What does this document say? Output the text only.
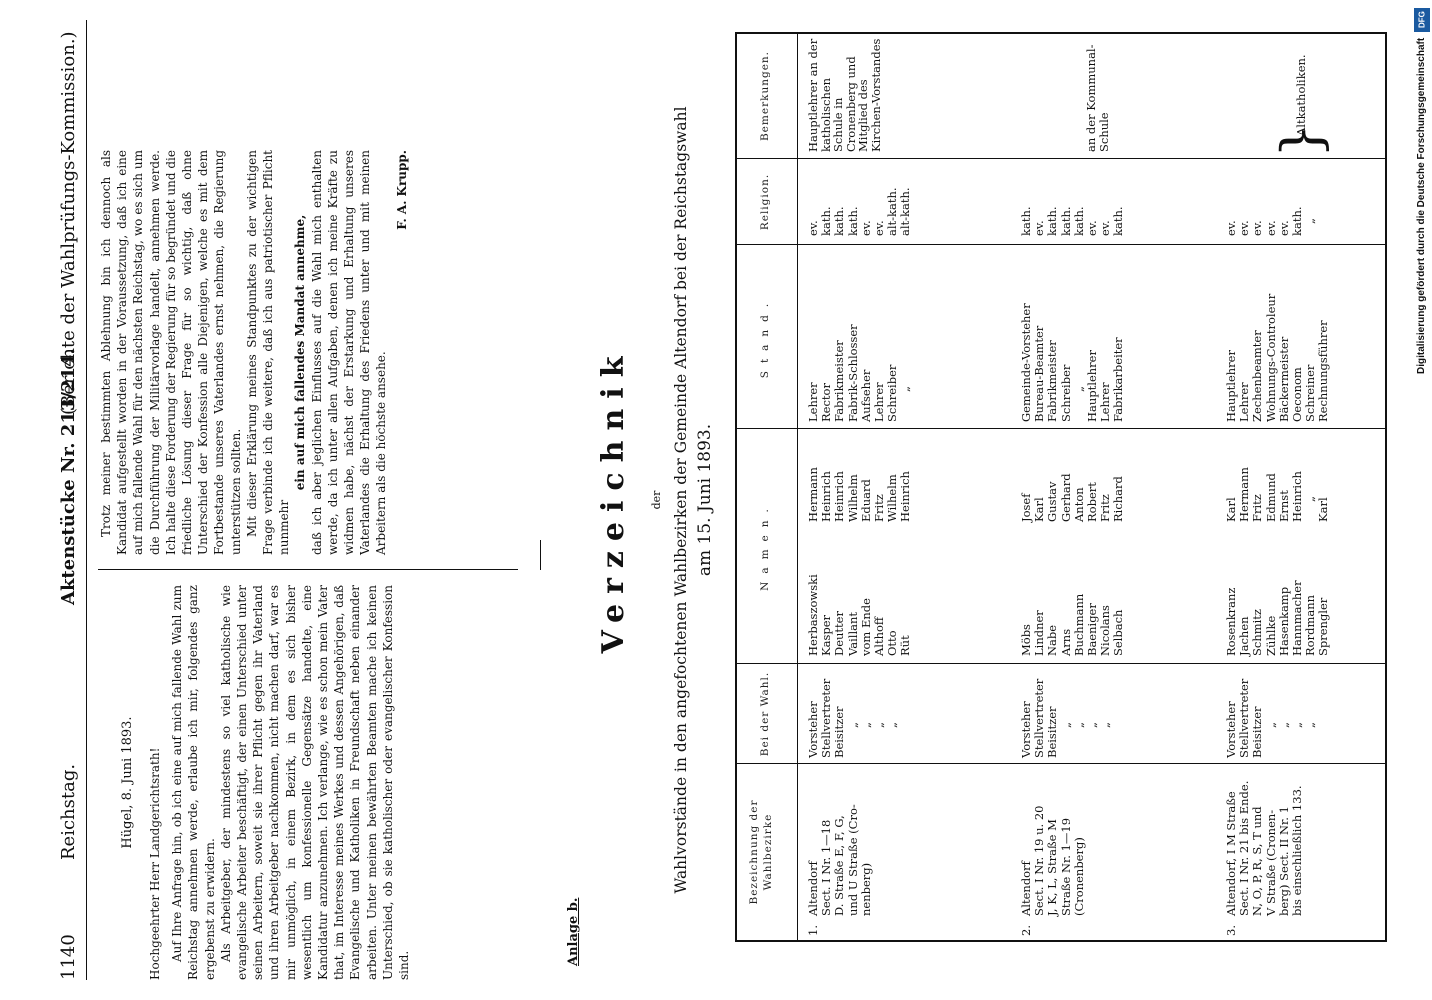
1140
Reichstag.
Aktenstücke Nr. 213/214.
(Berichte der Wahlprüfungs-Kommission.)
Hügel, 8. Juni 1893. Hochgeehrter Herr Landgerichtsrath! Auf Ihre Anfrage hin, ob ich eine auf mich fallende Wahl zum Reichstag annehmen werde, erlaube ich mir, folgendes ganz ergebenst zu erwidern. Als Arbeitgeber, der mindestens so viel katholische wie evangelische Arbeiter beschäftigt, der einen Unterschied unter seinen Arbeitern, soweit sie ihrer Pflicht gegen ihr Vaterland und ihren Arbeitgeber nachkommen, nicht machen darf, war es mir unmöglich, in einem Bezirk, in dem es sich bisher wesentlich um konfessionelle Gegensätze handelte, eine Kandidatur anzunehmen. Ich verlange, wie es schon mein Vater that, im Interesse meines Werkes und dessen Angehörigen, daß Evangelische und Katholiken in Freundschaft neben einander arbeiten. Unter meinen bewährten Beamten mache ich keinen Unterschied, ob sie katholischer oder evangelischer Konfession sind.

Trotz meiner bestimmten Ablehnung bin ich dennoch als Kandidat aufgestellt worden in der Voraussetzung, daß ich eine auf mich fallende Wahl für den nächsten Reichstag, wo es sich um die Durchführung der Militärvorlage handelt, annehmen werde. Ich halte diese Forderung der Regierung für so begründet und die friedliche Lösung dieser Frage für so wichtig, daß ohne Unterschied der Konfession alle Diejenigen, welche es mit dem Fortbestande unseres Vaterlandes ernst nehmen, die Regierung unterstützen sollten. Mit dieser Erklärung meines Standpunktes zu der wichtigen Frage verbinde ich die weitere, daß ich aus patriotischer Pflicht nunmehr

ein auf mich fallendes Mandat annehme, daß ich aber jeglichen Einflusses auf die Wahl mich enthalten werde, da ich unter allen Aufgaben, denen ich meine Kräfte zu widmen habe, nächst der Erstarkung und Erhaltung unseres Vaterlandes die Erhaltung des Friedens unter und mit meinen Arbeitern als die höchste ansehe.

F. A. Krupp.

Anlage b.
Verzeichnik der Wahlvorstände in den angefochtenen Wahlbezirken der Gemeinde Altendorf bei der Reichstagswahl am 15. Juni 1893.
Bezeichnung der Wahlbezirke
Bei der Wahl.
Namen.
Stand.
Religion.
Bemerkungen.
1.
Altendorf Sect. I Nr. 1—18 D. Straße E, F, G, und U Straße (Cro- nenberg)
Vorsteher Stellvertreter Beisitzer „ „ „ „
Herbaszowski Kasper Deutter Vaillant vom Ende Althoff Otto Rüt
Hermann Heinrich Heinrich Wilhelm Eduard Fritz Wilhelm Heinrich
Lehrer Rector Fabrikmeister Fabrik-Schlosser Aufseher Lehrer Schreiber „
ev. kath. kath. kath. ev. ev. alt-kath. alt-kath.
Hauptlehrer an der katholischen Schule in Cronenberg und Mitglied des Kirchen-Vorstandes
2.
Altendorf Sect. I Nr. 19 u. 20 J, K, L, Straße M Straße Nr. 1—19 (Cronenberg)
Vorsteher Stellvertreter Beisitzer „ „ „ „
Möbs Lindner Nabe Arns Buchmann Baeniger Nicolans Selbach
Josef Karl Gustav Gerhard Anton Robert Fritz Richard
Gemeinde-Vorsteher Bureau-Beamter Fabrikmeister Schreiber „ Hauptlehrer Lehrer Fabrikarbeiter
kath. ev. kath. kath. kath. ev. ev. kath.
an der Kommunal-Schule
3.
Altendorf, I M Straße Sect. I Nr. 21 bis Ende. N, O, P, R, S, T und V Straße (Cronen- berg) Sect. II Nr. 1 bis einschließlich 133.
Vorsteher Stellvertreter Beisitzer „ „ „ „
Rosenkranz Jachen Schmitz Zühlke Hasenkamp Hannmacher Rordmann Sprengler
Karl Hermann Fritz Edmund Ernst Heinrich „ Karl
Hauptlehrer Lehrer Zechenbeamter Wohnungs-Controleur Bäckermeister Oeconom Schreiner Rechnungsführer
ev. ev. ev. ev. ev. kath. „
}
Altkatholiken.
DFG
Digitalisierung gefördert durch die Deutsche Forschungsgemeinschaft
